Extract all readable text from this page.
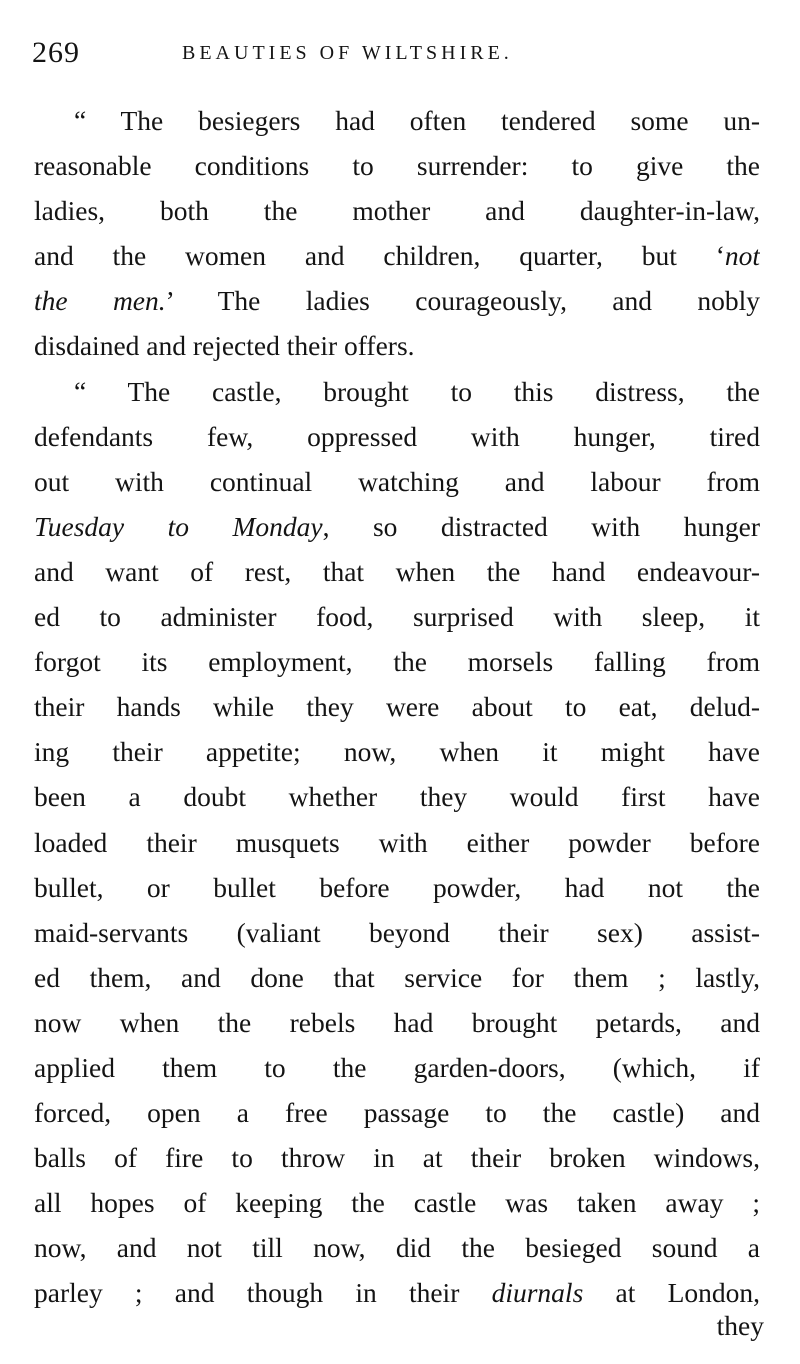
269	BEAUTIES OF WILTSHIRE.
“ The besiegers had often tendered some un-
reasonable conditions to surrender: to give the
ladies, both the mother and daughter-in-law,
and the women and children, quarter, but ‘not
the men.’ The ladies courageously, and nobly
disdained and rejected their offers.
“ The castle, brought to this distress, the
defendants few, oppressed with hunger, tired
out with continual watching and labour from
Tuesday to Monday, so distracted with hunger
and want of rest, that when the hand endeavour-
ed to administer food, surprised with sleep, it
forgot its employment, the morsels falling from
their hands while they were about to eat, delud-
ing their appetite; now, when it might have
been a doubt whether they would first have
loaded their musquets with either powder before
bullet, or bullet before powder, had not the
maid-servants (valiant beyond their sex) assist-
ed them, and done that service for them ; lastly,
now when the rebels had brought petards, and
applied them to the garden-doors, (which, if
forced, open a free passage to the castle) and
balls of fire to throw in at their broken windows,
all hopes of keeping the castle was taken away ;
now, and not till now, did the besieged sound a
parley ; and though in their diurnals at London,
they
